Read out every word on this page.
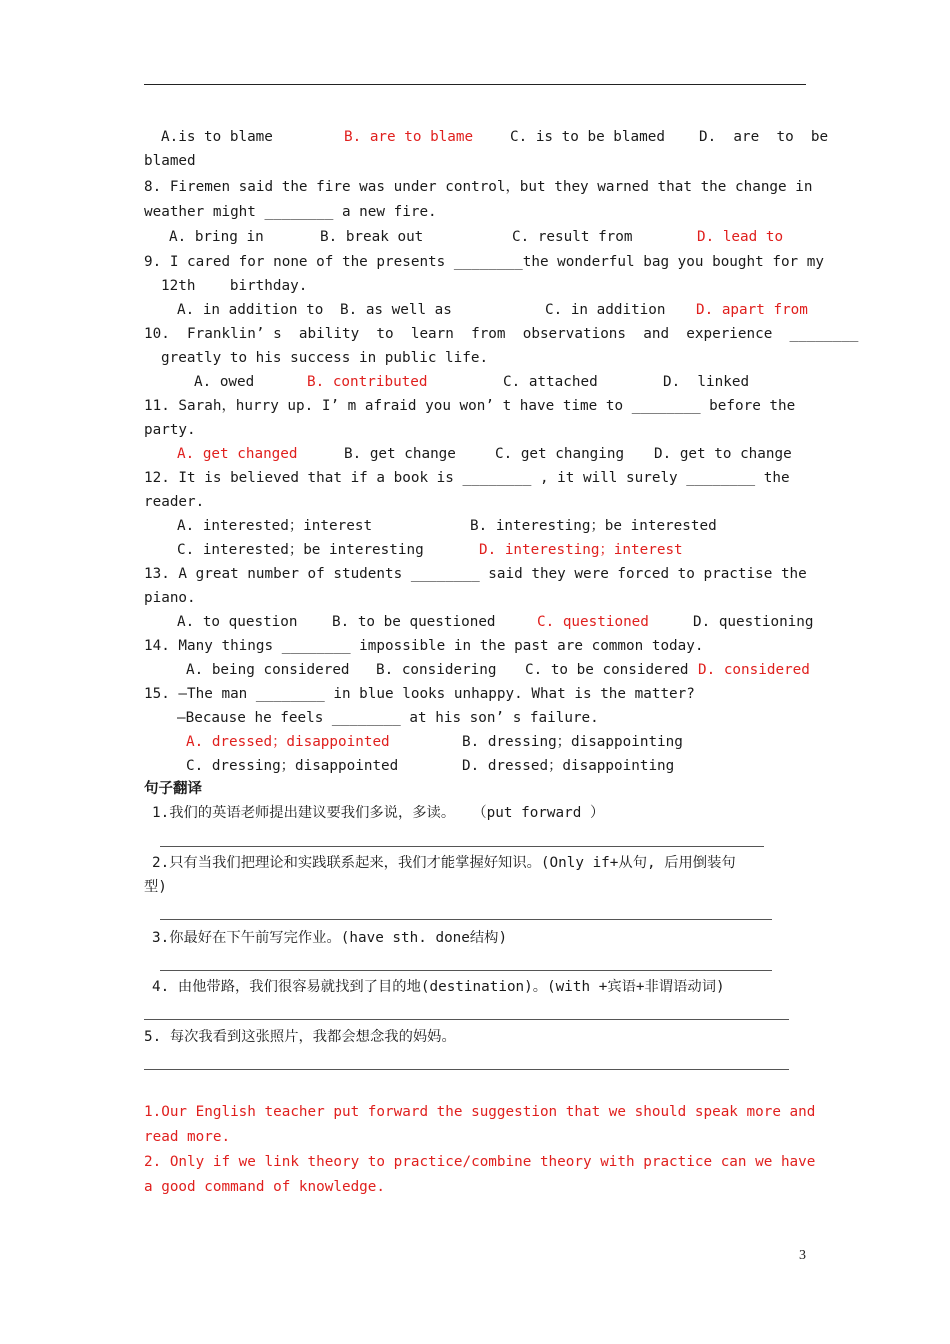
A.is to blame	B. are to blame	C. is to be blamed D.  are  to  be
blamed
8. Firemen said the fire was under control，but they warned that the change in
weather might ________ a new fire.
A. bring in	B. break out	C. result from	D. lead to
9. I cared for none of the presents ________the wonderful bag you bought for my
12th    birthday.
A. in addition to B. as well as	C. in addition D. apart from
10.  Franklin’ s  ability  to  learn  from  observations  and  experience  ________
greatly to his success in public life.
A. owed	B. contributed	C. attached	D.  linked
11. Sarah，hurry up. I’ m afraid you won’ t have time to ________ before the
party.
A. get changed	B. get change	C. get changing D. get to change
12. It is believed that if a book is ________ , it will surely ________ the
reader.
A. interested；interest	B. interesting；be interested
C. interested；be interesting	D. interesting；interest
13. A great number of students ________ said they were forced to practise the
piano.
A. to question B. to be questioned	C. questioned	D. questioning
14. Many things ________ impossible in the past are common today.
A. being considered B. considering C. to be considered D. considered
15. —The man ________ in blue looks unhappy. What is the matter?
—Because he feels ________ at his son’ s failure.
A. dressed；disappointed	B. dressing；disappointing
C. dressing；disappointed	D. dressed；disappointing
句子翻译
1.我们的英语老师提出建议要我们多说，多读。  （put forward ）
2.只有当我们把理论和实践联系起来，我们才能掌握好知识。(Only if+从句, 后用倒装句
型)
3.你最好在下午前写完作业。(have sth. done结构)
4. 由他带路，我们很容易就找到了目的地(destination)。(with +宾语+非谓语动词)
5. 每次我看到这张照片，我都会想念我的妈妈。
1.Our English teacher put forward the suggestion that we should speak more and
read more.
2. Only if we link theory to practice/combine theory with practice can we have
a good command of knowledge.
3
